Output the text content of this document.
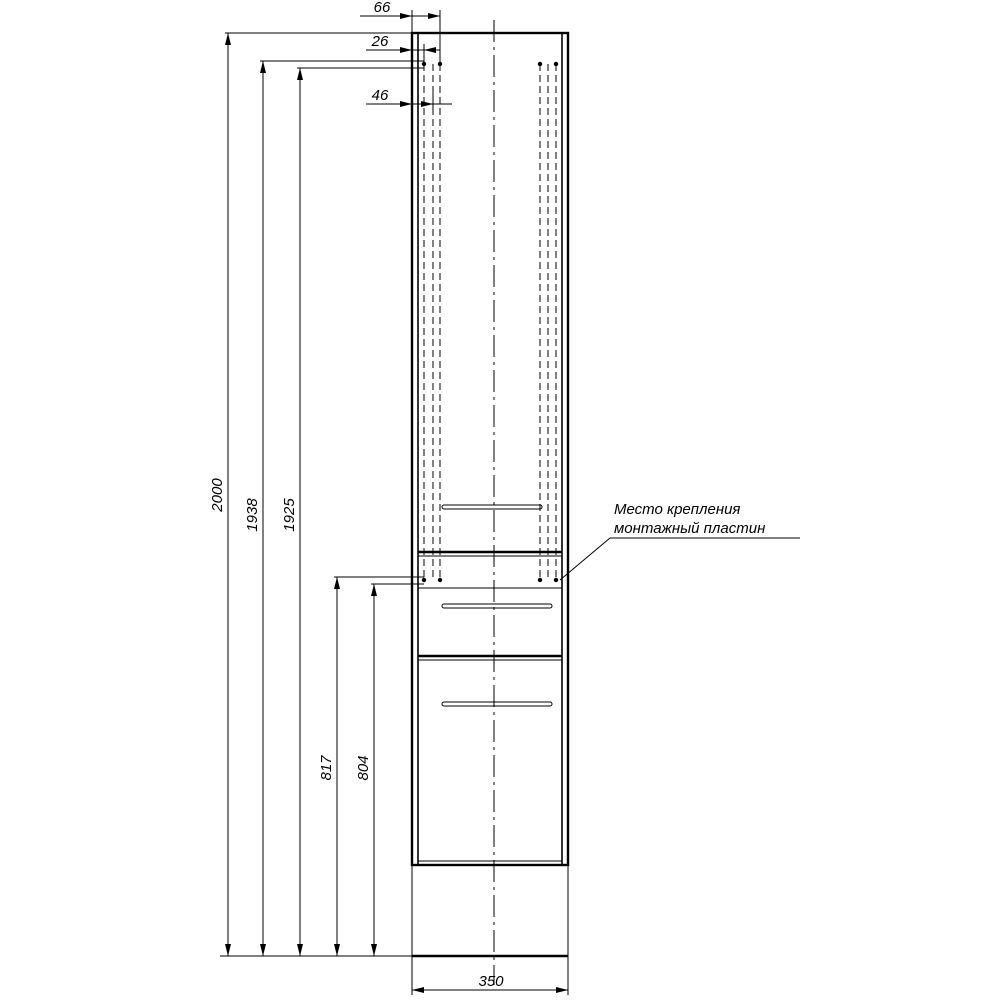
2000
1938 1925
817 804
66
26
46
350
Место крепления
монтажный пластин
